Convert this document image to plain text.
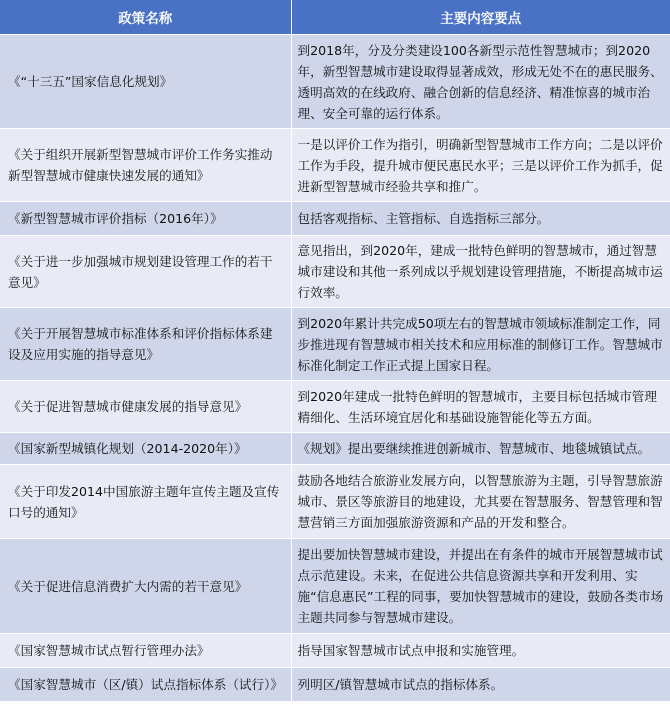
政策名称	主要内容要点
《“十三五”国家信息化规划》	到2018年，分及分类建设100各新型示范性智慧城市；到2020年，新型智慧城市建设取得显著成效，形成无处不在的惠民服务、透明高效的在线政府、融合创新的信息经济、精准惊喜的城市治理、安全可靠的运行体系。
《关于组织开展新型智慧城市评价工作务实推动新型智慧城市健康快速发展的通知》	一是以评价工作为指引，明确新型智慧城市工作方向；二是以评价工作为手段，提升城市便民惠民水平；三是以评价工作为抓手，促进新型智慧城市经验共享和推广。
《新型智慧城市评价指标（2016年）》	包括客观指标、主管指标、自选指标三部分。
《关于进一步加强城市规划建设管理工作的若干意见》	意见指出，到2020年，建成一批特色鲜明的智慧城市，通过智慧城市建设和其他一系列成以乎规划建设管理措施，不断提高城市运行效率。
《关于开展智慧城市标准体系和评价指标体系建设及应用实施的指导意见》	到2020年累计共完成50项左右的智慧城市领域标准制定工作，同步推进现有智慧城市相关技术和应用标准的制修订工作。智慧城市标准化制定工作正式提上国家日程。
《关于促进智慧城市健康发展的指导意见》	到2020年建成一批特色鲜明的智慧城市，主要目标包括城市管理精细化、生活环境宜居化和基础设施智能化等五方面。
《国家新型城镇化规划（2014-2020年）》	《规划》提出要继续推进创新城市、智慧城市、地毯城镇试点。
《关于印发2014中国旅游主题年宣传主题及宣传口号的通知》	鼓励各地结合旅游业发展方向，以智慧旅游为主题，引导智慧旅游城市、景区等旅游目的地建设，尤其要在智慧服务、智慧管理和智慧营销三方面加强旅游资源和产品的开发和整合。
《关于促进信息消费扩大内需的若干意见》	提出要加快智慧城市建设，并提出在有条件的城市开展智慧城市试点示范建设。未来，在促进公共信息资源共享和开发利用、实施“信息惠民”工程的同事，要加快智慧城市的建设，鼓励各类市场主题共同参与智慧城市建设。
《国家智慧城市试点暂行管理办法》	指导国家智慧城市试点申报和实施管理。
《国家智慧城市（区/镇）试点指标体系（试行）》	列明区/镇智慧城市试点的指标体系。
